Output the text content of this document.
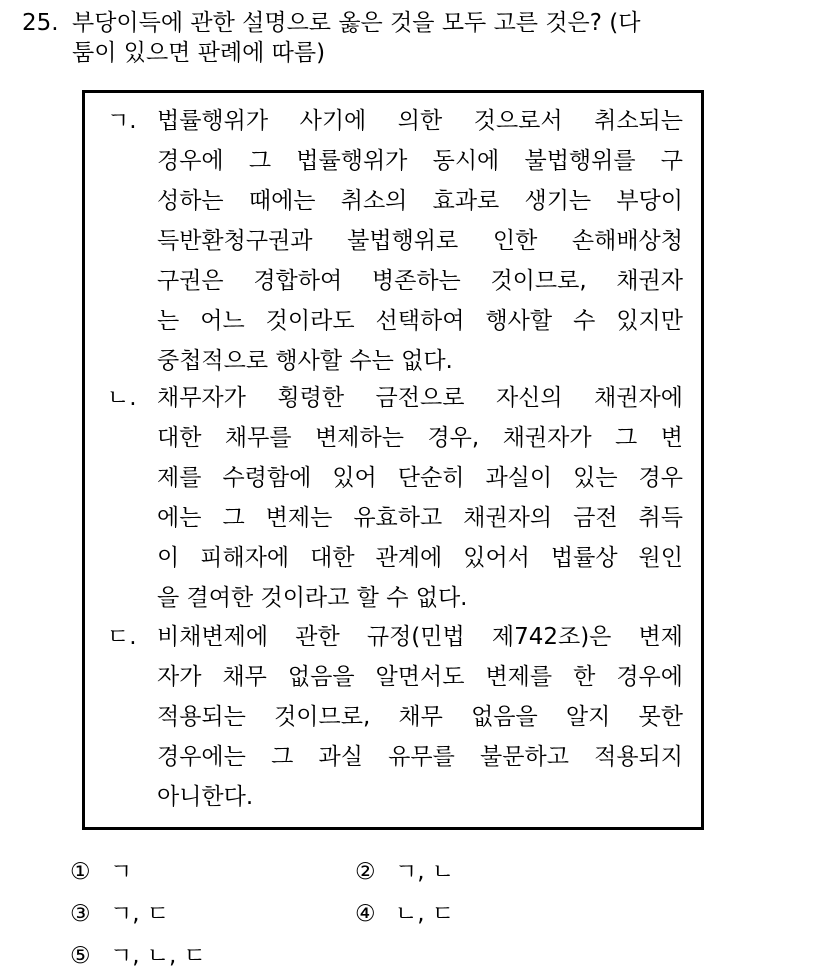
25. 부당이득에 관한 설명으로 옳은 것을 모두 고른 것은? (다
툼이 있으면 판례에 따름)
ㄱ. 법률행위가 사기에 의한 것으로서 취소되는
경우에 그 법률행위가 동시에 불법행위를 구
성하는 때에는 취소의 효과로 생기는 부당이
득반환청구권과 불법행위로 인한 손해배상청
구권은 경합하여 병존하는 것이므로, 채권자
는 어느 것이라도 선택하여 행사할 수 있지만
중첩적으로 행사할 수는 없다.
ㄴ. 채무자가 횡령한 금전으로 자신의 채권자에
대한 채무를 변제하는 경우, 채권자가 그 변
제를 수령함에 있어 단순히 과실이 있는 경우
에는 그 변제는 유효하고 채권자의 금전 취득
이 피해자에 대한 관계에 있어서 법률상 원인
을 결여한 것이라고 할 수 없다.
ㄷ. 비채변제에 관한 규정(민법 제742조)은 변제
자가 채무 없음을 알면서도 변제를 한 경우에
적용되는 것이므로, 채무 없음을 알지 못한
경우에는 그 과실 유무를 불문하고 적용되지
아니한다.
① ㄱ	② ㄱ, ㄴ
③ ㄱ, ㄷ	④ ㄴ, ㄷ
⑤ ㄱ, ㄴ, ㄷ
